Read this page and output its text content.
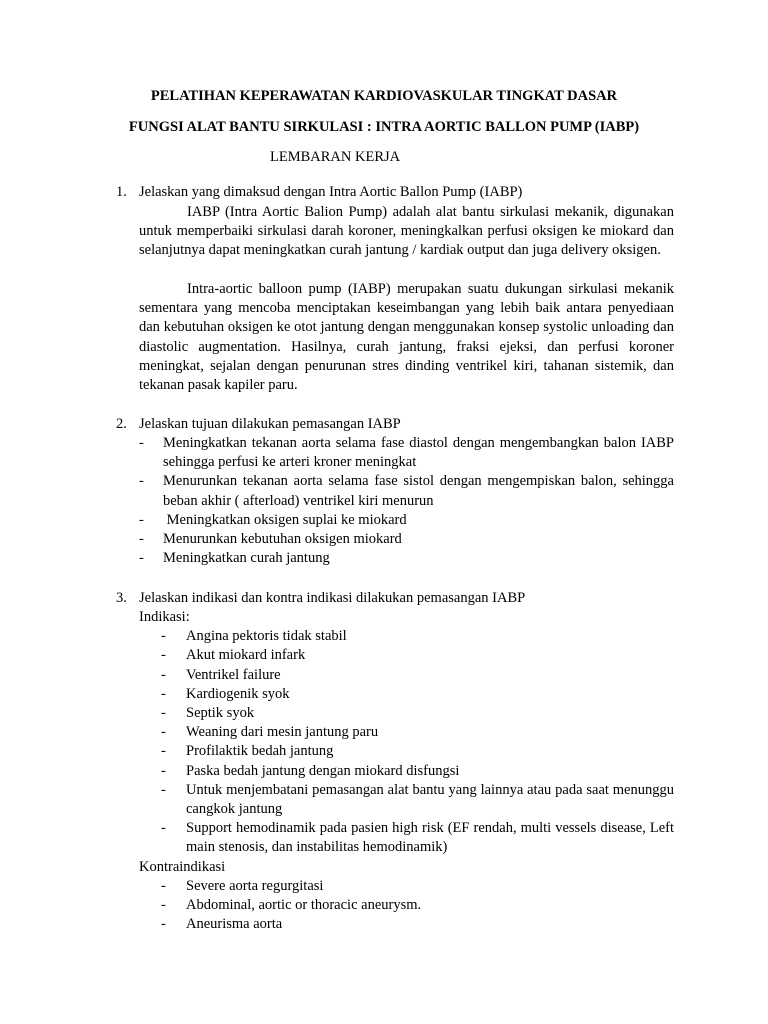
PELATIHAN KEPERAWATAN KARDIOVASKULAR TINGKAT DASAR
FUNGSI ALAT BANTU SIRKULASI : INTRA AORTIC BALLON PUMP (IABP)
LEMBARAN KERJA
1. Jelaskan yang dimaksud dengan Intra Aortic Ballon Pump (IABP)
IABP (Intra Aortic Balion Pump) adalah alat bantu sirkulasi mekanik, digunakan untuk memperbaiki sirkulasi darah koroner, meningkalkan perfusi oksigen ke miokard dan selanjutnya dapat meningkatkan curah jantung / kardiak output dan juga delivery oksigen.
Intra-aortic balloon pump (IABP) merupakan suatu dukungan sirkulasi mekanik sementara yang mencoba menciptakan keseimbangan yang lebih baik antara penyediaan dan kebutuhan oksigen ke otot jantung dengan menggunakan konsep systolic unloading dan diastolic augmentation. Hasilnya, curah jantung, fraksi ejeksi, dan perfusi koroner meningkat, sejalan dengan penurunan stres dinding ventrikel kiri, tahanan sistemik, dan tekanan pasak kapiler paru.
2. Jelaskan tujuan dilakukan pemasangan IABP
- Meningkatkan tekanan aorta selama fase diastol dengan mengembangkan balon IABP sehingga perfusi ke arteri kroner meningkat
- Menurunkan tekanan aorta selama fase sistol dengan mengempiskan balon, sehingga beban akhir ( afterload) ventrikel kiri menurun
- Meningkatkan oksigen suplai ke miokard
- Menurunkan kebutuhan oksigen miokard
- Meningkatkan curah jantung
3. Jelaskan indikasi dan kontra indikasi dilakukan pemasangan IABP
Indikasi:
- Angina pektoris tidak stabil
- Akut miokard infark
- Ventrikel failure
- Kardiogenik syok
- Septik syok
- Weaning dari mesin jantung paru
- Profilaktik bedah jantung
- Paska bedah jantung dengan miokard disfungsi
- Untuk menjembatani pemasangan alat bantu yang lainnya atau pada saat menunggu cangkok jantung
- Support hemodinamik pada pasien high risk (EF rendah, multi vessels disease, Left main stenosis, dan instabilitas hemodinamik)
Kontraindikasi
- Severe aorta regurgitasi
- Abdominal, aortic or thoracic aneurysm.
- Aneurisma aorta
